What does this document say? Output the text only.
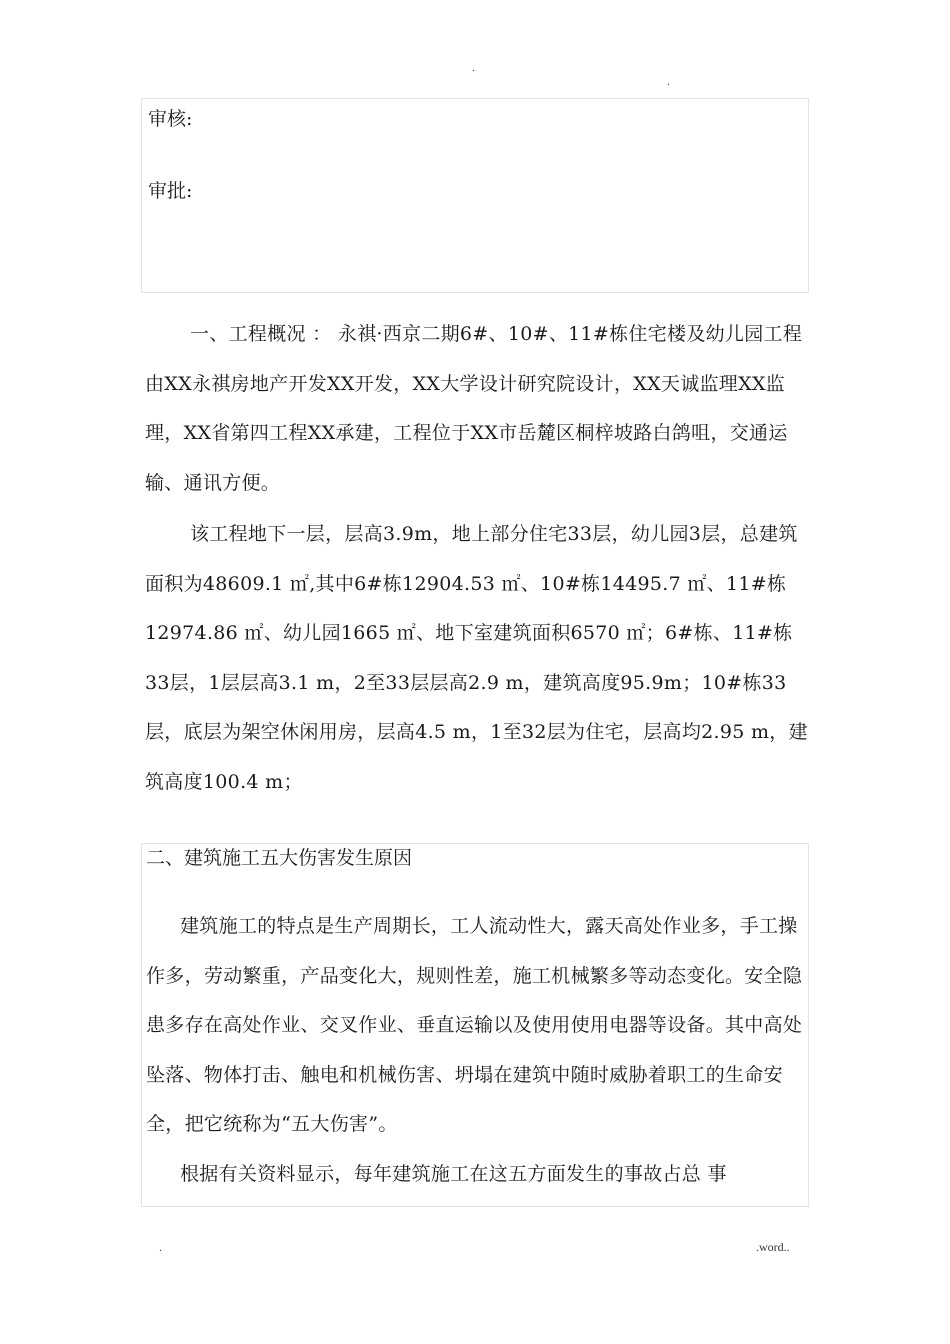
.
.
审核:
审批:

一、工程概况 ： 永祺·西京二期6#、10#、11#栋住宅楼及幼儿园工程由XX永祺房地产开发XX开发，XX大学设计研究院设计，XX天诚监理XX监理，XX省第四工程XX承建，工程位于XX市岳麓区桐梓坡路白鸽咀，交通运输、通讯方便。

该工程地下一层，层高3.9m，地上部分住宅33层，幼儿园3层，总建筑面积为48609.1 ㎡,其中6#栋12904.53 ㎡、10#栋14495.7 ㎡、11#栋12974.86 ㎡、幼儿园1665 ㎡、地下室建筑面积6570 ㎡；6#栋、11#栋33层，1层层高3.1 m，2至33层层高2.9 m，建筑高度95.9m；10#栋33层，底层为架空休闲用房，层高4.5 m，1至32层为住宅，层高均2.95 m，建筑高度100.4 m；

二、建筑施工五大伤害发生原因

建筑施工的特点是生产周期长，工人流动性大，露天高处作业多，手工操作多，劳动繁重，产品变化大，规则性差，施工机械繁多等动态变化。安全隐患多存在高处作业、交叉作业、垂直运输以及使用使用电器等设备。其中高处坠落、物体打击、触电和机械伤害、坍塌在建筑中随时威胁着职工的生命安全，把它统称为“五大伤害”。

根据有关资料显示，每年建筑施工在这五方面发生的事故占总 事

.	.word..
